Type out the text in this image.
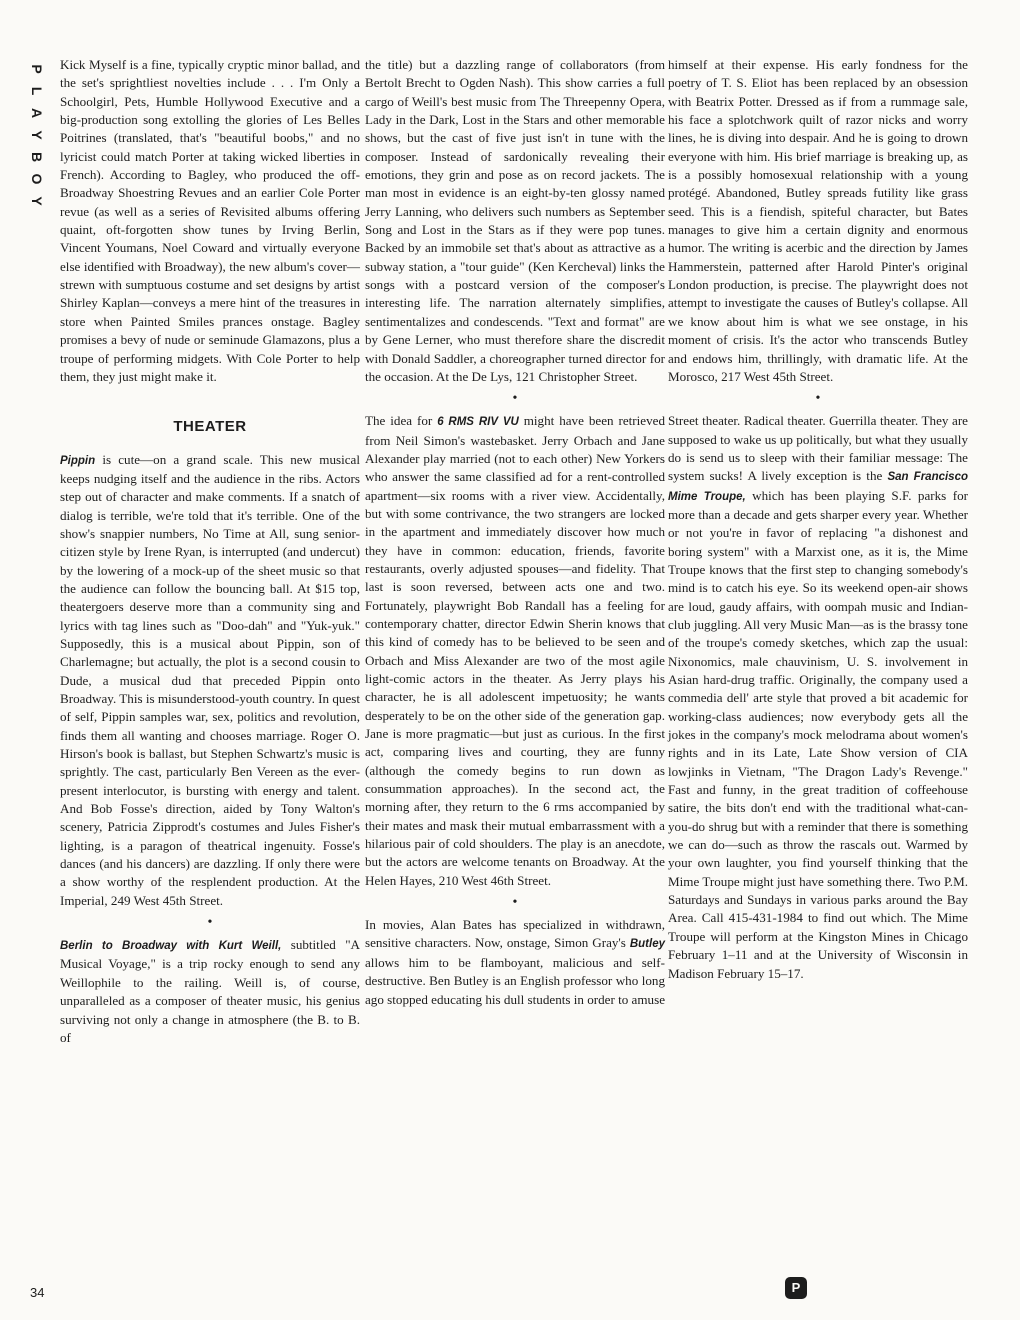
P
L
A
Y
B
O
Y
34

Kick Myself is a fine, typically cryptic minor ballad, and the set's sprightliest novelties include . . . I'm Only a Schoolgirl, Pets, Humble Hollywood Executive and a big-production song extolling the glories of Les Belles Poitrines (translated, that's "beautiful boobs," and no lyricist could match Porter at taking wicked liberties in French). According to Bagley, who produced the off-Broadway Shoestring Revues and an earlier Cole Porter revue (as well as a series of Revisited albums offering quaint, oft-forgotten show tunes by Irving Berlin, Vincent Youmans, Noel Coward and virtually everyone else identified with Broadway), the new album's cover—strewn with sumptuous costume and set designs by artist Shirley Kaplan—conveys a mere hint of the treasures in store when Painted Smiles prances onstage. Bagley promises a bevy of nude or seminude Glamazons, plus a troupe of performing midgets. With Cole Porter to help them, they just might make it.

THEATER

Pippin is cute—on a grand scale. This new musical keeps nudging itself and the audience in the ribs. Actors step out of character and make comments. If a snatch of dialog is terrible, we're told that it's terrible. One of the show's snappier numbers, No Time at All, sung senior-citizen style by Irene Ryan, is interrupted (and undercut) by the lowering of a mock-up of the sheet music so that the audience can follow the bouncing ball. At $15 top, theatergoers deserve more than a community sing and lyrics with tag lines such as "Doo-dah" and "Yuk-yuk." Supposedly, this is a musical about Pippin, son of Charlemagne; but actually, the plot is a second cousin to Dude, a musical dud that preceded Pippin onto Broadway. This is misunderstood-youth country. In quest of self, Pippin samples war, sex, politics and revolution, finds them all wanting and chooses marriage. Roger O. Hirson's book is ballast, but Stephen Schwartz's music is sprightly. The cast, particularly Ben Vereen as the ever-present interlocutor, is bursting with energy and talent. And Bob Fosse's direction, aided by Tony Walton's scenery, Patricia Zipprodt's costumes and Jules Fisher's lighting, is a paragon of theatrical ingenuity. Fosse's dances (and his dancers) are dazzling. If only there were a show worthy of the resplendent production. At the Imperial, 249 West 45th Street.

•

Berlin to Broadway with Kurt Weill, subtitled "A Musical Voyage," is a trip rocky enough to send any Weillophile to the railing. Weill is, of course, unparalleled as a composer of theater music, his genius surviving not only a change in atmosphere (the B. to B. of

the title) but a dazzling range of collaborators (from Bertolt Brecht to Ogden Nash). This show carries a full cargo of Weill's best music from The Threepenny Opera, Lady in the Dark, Lost in the Stars and other memorable shows, but the cast of five just isn't in tune with the composer. Instead of sardonically revealing their emotions, they grin and pose as on record jackets. The man most in evidence is an eight-by-ten glossy named Jerry Lanning, who delivers such numbers as September Song and Lost in the Stars as if they were pop tunes. Backed by an immobile set that's about as attractive as a subway station, a "tour guide" (Ken Kercheval) links the songs with a postcard version of the composer's interesting life. The narration alternately simplifies, sentimentalizes and condescends. "Text and format" are by Gene Lerner, who must therefore share the discredit with Donald Saddler, a choreographer turned director for the occasion. At the De Lys, 121 Christopher Street.

•

The idea for 6 RMS RIV VU might have been retrieved from Neil Simon's wastebasket. Jerry Orbach and Jane Alexander play married (not to each other) New Yorkers who answer the same classified ad for a rent-controlled apartment—six rooms with a river view. Accidentally, but with some contrivance, the two strangers are locked in the apartment and immediately discover how much they have in common: education, friends, favorite restaurants, overly adjusted spouses—and fidelity. That last is soon reversed, between acts one and two. Fortunately, playwright Bob Randall has a feeling for contemporary chatter, director Edwin Sherin knows that this kind of comedy has to be believed to be seen and Orbach and Miss Alexander are two of the most agile light-comic actors in the theater. As Jerry plays his character, he is all adolescent impetuosity; he wants desperately to be on the other side of the generation gap. Jane is more pragmatic—but just as curious. In the first act, comparing lives and courting, they are funny (although the comedy begins to run down as consummation approaches). In the second act, the morning after, they return to the 6 rms accompanied by their mates and mask their mutual embarrassment with a hilarious pair of cold shoulders. The play is an anecdote, but the actors are welcome tenants on Broadway. At the Helen Hayes, 210 West 46th Street.

•

In movies, Alan Bates has specialized in withdrawn, sensitive characters. Now, onstage, Simon Gray's Butley allows him to be flamboyant, malicious and self-destructive. Ben Butley is an English professor who long ago stopped educating his dull students in order to amuse

himself at their expense. His early fondness for the poetry of T. S. Eliot has been replaced by an obsession with Beatrix Potter. Dressed as if from a rummage sale, his face a splotchwork quilt of razor nicks and worry lines, he is diving into despair. And he is going to drown everyone with him. His brief marriage is breaking up, as is a possibly homosexual relationship with a young protégé. Abandoned, Butley spreads futility like grass seed. This is a fiendish, spiteful character, but Bates manages to give him a certain dignity and enormous humor. The writing is acerbic and the direction by James Hammerstein, patterned after Harold Pinter's original London production, is precise. The playwright does not attempt to investigate the causes of Butley's collapse. All we know about him is what we see onstage, in his moment of crisis. It's the actor who transcends Butley and endows him, thrillingly, with dramatic life. At the Morosco, 217 West 45th Street.

•

Street theater. Radical theater. Guerrilla theater. They are supposed to wake us up politically, but what they usually do is send us to sleep with their familiar message: The system sucks! A lively exception is the San Francisco Mime Troupe, which has been playing S.F. parks for more than a decade and gets sharper every year. Whether or not you're in favor of replacing "a dishonest and boring system" with a Marxist one, as it is, the Mime Troupe knows that the first step to changing somebody's mind is to catch his eye. So its weekend open-air shows are loud, gaudy affairs, with oompah music and Indian-club juggling. All very Music Man—as is the brassy tone of the troupe's comedy sketches, which zap the usual: Nixonomics, male chauvinism, U. S. involvement in Asian hard-drug traffic. Originally, the company used a commedia dell' arte style that proved a bit academic for working-class audiences; now everybody gets all the jokes in the company's mock melodrama about women's rights and in its Late, Late Show version of CIA lowjinks in Vietnam, "The Dragon Lady's Revenge." Fast and funny, in the great tradition of coffeehouse satire, the bits don't end with the traditional what-can-you-do shrug but with a reminder that there is something we can do—such as throw the rascals out. Warmed by your own laughter, you find yourself thinking that the Mime Troupe might just have something there. Two P.M. Saturdays and Sundays in various parks around the Bay Area. Call 415-431-1984 to find out which. The Mime Troupe will perform at the Kingston Mines in Chicago February 1–11 and at the University of Wisconsin in Madison February 15–17.

P
